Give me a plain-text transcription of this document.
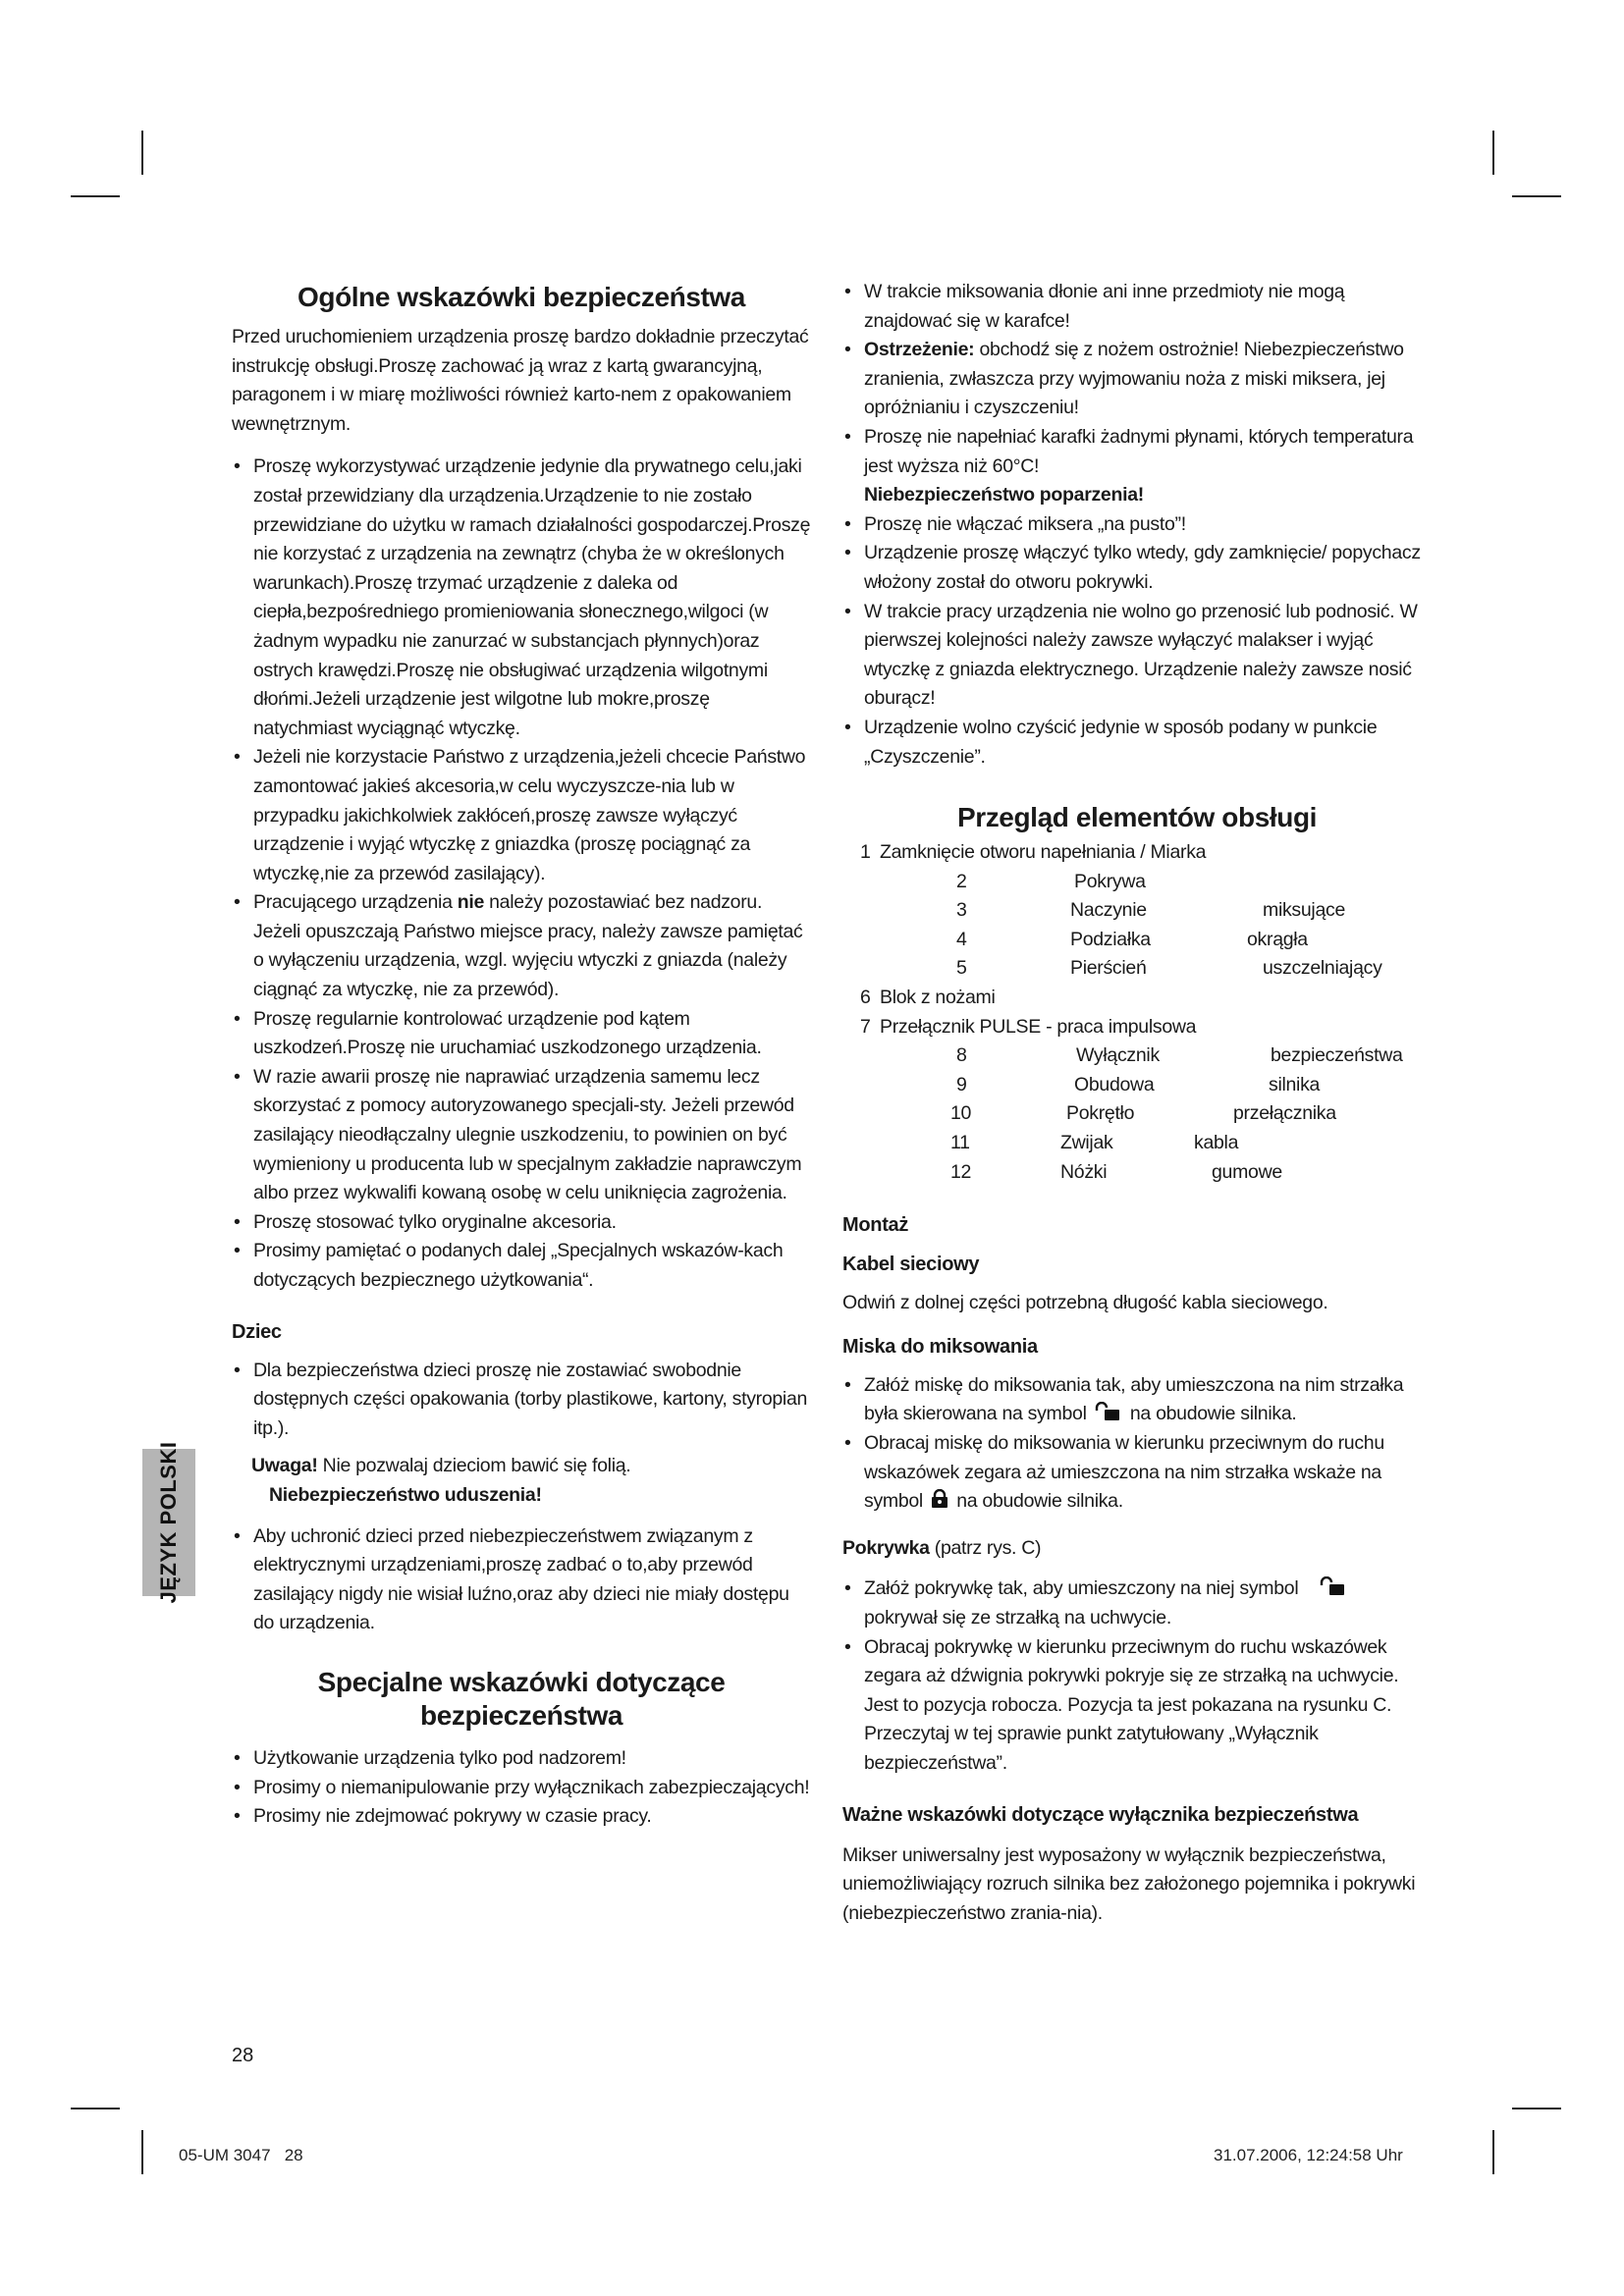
JĘZYK POLSKI
Ogólne wskazówki bezpieczeństwa

Przed uruchomieniem urządzenia proszę bardzo dokładnie przeczytać instrukcję obsługi.Proszę zachować ją wraz z kartą gwarancyjną, paragonem i w miarę możliwości również karto-nem z opakowaniem wewnętrznym.

• Proszę wykorzystywać urządzenie jedynie dla prywatnego celu,jaki został przewidziany dla urządzenia.Urządzenie to nie zostało przewidziane do użytku w ramach działalności gospodarczej.Proszę nie korzystać z urządzenia na zewnątrz (chyba że w określonych warunkach).Proszę trzymać urządzenie z daleka od ciepła,bezpośredniego promieniowania słonecznego,wilgoci (w żadnym wypadku nie zanurzać w substancjach płynnych)oraz ostrych krawędzi.Proszę nie obsługiwać urządzenia wilgotnymi dłońmi.Jeżeli urządzenie jest wilgotne lub mokre,proszę natychmiast wyciągnąć wtyczkę.
• Jeżeli nie korzystacie Państwo z urządzenia,jeżeli chcecie Państwo zamontować jakieś akcesoria,w celu wyczyszcze-nia lub w przypadku jakichkolwiek zakłóceń,proszę zawsze wyłączyć urządzenie i wyjąć wtyczkę z gniazdka (proszę pociągnąć za wtyczkę,nie za przewód zasilający).
• Pracującego urządzenia nie należy pozostawiać bez nadzoru. Jeżeli opuszczają Państwo miejsce pracy, należy zawsze pamiętać o wyłączeniu urządzenia, wzgl. wyjęciu wtyczki z gniazda (należy ciągnąć za wtyczkę, nie za przewód).
• Proszę regularnie kontrolować urządzenie pod kątem uszkodzeń.Proszę nie uruchamiać uszkodzonego urządzenia.
• W razie awarii proszę nie naprawiać urządzenia samemu lecz skorzystać z pomocy autoryzowanego specjali-sty. Jeżeli przewód zasilający nieodłączalny ulegnie uszkodzeniu, to powinien on być wymieniony u producenta lub w specjalnym zakładzie naprawczym albo przez wykwalifi kowaną osobę w celu uniknięcia zagrożenia.
• Proszę stosować tylko oryginalne akcesoria.
• Prosimy pamiętać o podanych dalej „Specjalnych wskazów-kach dotyczących bezpiecznego użytkowania“.
Dziec
• Dla bezpieczeństwa dzieci proszę nie zostawiać swobodnie dostępnych części opakowania (torby plastikowe, kartony, styropian itp.).

Uwaga! Nie pozwalaj dzieciom bawić się folią.
Niebezpieczeństwo uduszenia!

• Aby uchronić dzieci przed niebezpieczeństwem związanym z elektrycznymi urządzeniami,proszę zadbać o to,aby przewód zasilający nigdy nie wisiał luźno,oraz aby dzieci nie miały dostępu do urządzenia.
Specjalne wskazówki dotyczące
bezpieczeństwa
• Użytkowanie urządzenia tylko pod nadzorem!
• Prosimy o niemanipulowanie przy wyłącznikach zabezpieczających!
• Prosimy nie zdejmować pokrywy w czasie pracy.
• W trakcie miksowania dłonie ani inne przedmioty nie mogą znajdować się w karafce!
• Ostrzeżenie: obchodź się z nożem ostrożnie! Niebezpieczeństwo zranienia, zwłaszcza przy wyjmowaniu noża z miski miksera, jej opróżnianiu i czyszczeniu!
• Proszę nie napełniać karafki żadnymi płynami, których temperatura jest wyższa niż 60°C!
Niebezpieczeństwo poparzenia!
• Proszę nie włączać miksera „na pusto”!
• Urządzenie proszę włączyć tylko wtedy, gdy zamknięcie/ popychacz włożony został do otworu pokrywki.
• W trakcie pracy urządzenia nie wolno go przenosić lub podnosić. W pierwszej kolejności należy zawsze wyłączyć malakser i wyjąć wtyczkę z gniazda elektrycznego. Urządzenie należy zawsze nosić oburącz!
• Urządzenie wolno czyścić jedynie w sposób podany w punkcie „Czyszczenie”.
Przegląd elementów obsługi
1 Zamknięcie otworu napełniania / Miarka
2	Pokrywa
3	Naczynie	miksujące
4	Podziałka	okrągła
5	Pierścień	uszczelniający
6 Blok z nożami
7 Przełącznik PULSE - praca impulsowa
8	Wyłącznik	bezpieczeństwa
9	Obudowa	silnika
10	Pokrętło	przełącznika
11	Zwijak	kabla
12	Nóżki	gumowe
Montaż
Kabel sieciowy

Odwiń z dolnej części potrzebną długość kabla sieciowego.

Miska do miksowania
• Załóż miskę do miksowania tak, aby umieszczona na nim strzałka była skierowana na symbol na obudowie silnika.
• Obracaj miskę do miksowania w kierunku przeciwnym do ruchu wskazówek zegara aż umieszczona na nim strzałka wskaże na symbol na obudowie silnika.

Pokrywka (patrz rys. C)

• Załóż pokrywkę tak, aby umieszczony na niej symbol
pokrywał się ze strzałką na uchwycie.
• Obracaj pokrywkę w kierunku przeciwnym do ruchu wskazówek zegara aż dźwignia pokrywki pokryje się ze strzałką na uchwycie. Jest to pozycja robocza. Pozycja ta jest pokazana na rysunku C. Przeczytaj w tej sprawie punkt zatytułowany „Wyłącznik bezpieczeństwa”.
Ważne wskazówki dotyczące wyłącznika bezpieczeństwa

Mikser uniwersalny jest wyposażony w wyłącznik bezpieczeństwa, uniemożliwiający rozruch silnika bez założonego pojemnika i pokrywki (niebezpieczeństwo zrania-nia).

28
05-UM 3047   28	31.07.2006, 12:24:58 Uhr
